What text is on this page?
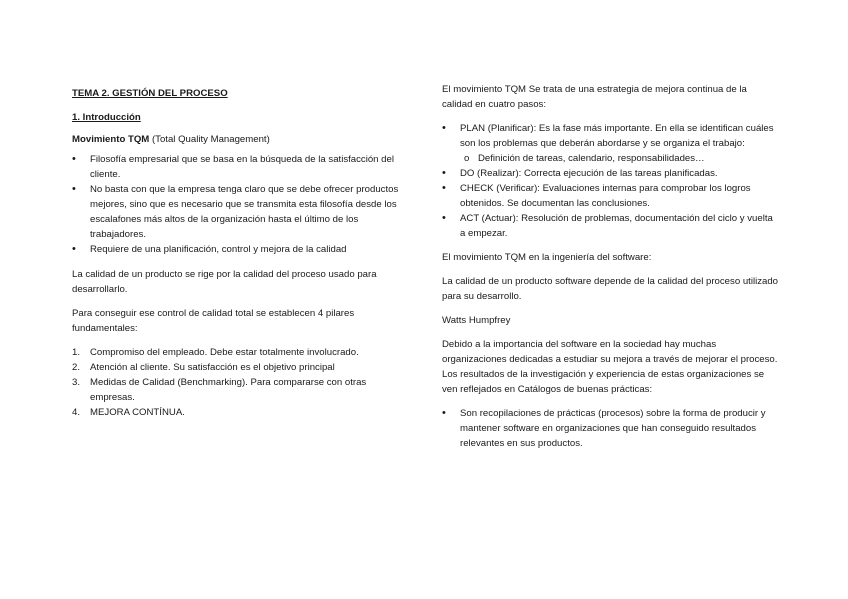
TEMA 2. GESTIÓN DEL PROCESO

1. Introducción

Movimiento TQM (Total Quality Management)

• Filosofía empresarial que se basa en la búsqueda de la satisfacción del cliente.
• No basta con que la empresa tenga claro que se debe ofrecer productos mejores, sino que es necesario que se transmita esta filosofía desde los escalafones más altos de la organización hasta el último de los trabajadores.
• Requiere de una planificación, control y mejora de la calidad

La calidad de un producto se rige por la calidad del proceso usado para desarrollarlo.

Para conseguir ese control de calidad total se establecen 4 pilares fundamentales:

1. Compromiso del empleado. Debe estar totalmente involucrado.
2. Atención al cliente. Su satisfacción es el objetivo principal
3. Medidas de Calidad (Benchmarking). Para compararse con otras empresas.
4. MEJORA CONTÍNUA.

El movimiento TQM Se trata de una estrategia de mejora continua de la calidad en cuatro pasos:

• PLAN (Planificar): Es la fase más importante. En ella se identifican cuáles son los problemas que deberán abordarse y se organiza el trabajo:
o Definición de tareas, calendario, responsabilidades…
• DO (Realizar): Correcta ejecución de las tareas planificadas.
• CHECK (Verificar): Evaluaciones internas para comprobar los logros obtenidos. Se documentan las conclusiones.
• ACT (Actuar): Resolución de problemas, documentación del ciclo y vuelta a empezar.

El movimiento TQM en la ingeniería del software:

La calidad de un producto software depende de la calidad del proceso utilizado para su desarrollo.

Watts Humpfrey

Debido a la importancia del software en la sociedad hay muchas organizaciones dedicadas a estudiar su mejora a través de mejorar el proceso. Los resultados de la investigación y experiencia de estas organizaciones se ven reflejados en Catálogos de buenas prácticas:

• Son recopilaciones de prácticas (procesos) sobre la forma de producir y mantener software en organizaciones que han conseguido resultados relevantes en sus productos.
